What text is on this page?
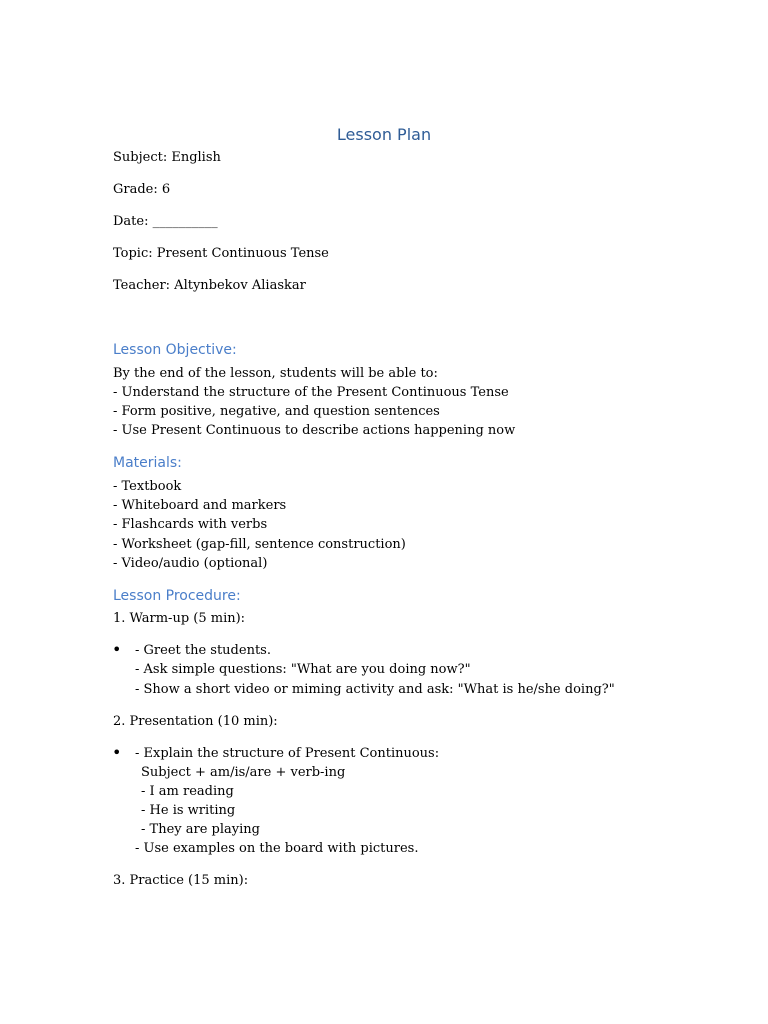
Lesson Plan
Subject: English
Grade: 6
Date: __________
Topic: Present Continuous Tense
Teacher: Altynbekov Aliaskar
Lesson Objective:
By the end of the lesson, students will be able to:
- Understand the structure of the Present Continuous Tense
- Form positive, negative, and question sentences
- Use Present Continuous to describe actions happening now
Materials:
- Textbook
- Whiteboard and markers
- Flashcards with verbs
- Worksheet (gap-fill, sentence construction)
- Video/audio (optional)
Lesson Procedure:
1. Warm-up (5 min):
• - Greet the students.
- Ask simple questions: "What are you doing now?"
- Show a short video or miming activity and ask: "What is he/she doing?"
2. Presentation (10 min):
• - Explain the structure of Present Continuous:
Subject + am/is/are + verb-ing
- I am reading
- He is writing
- They are playing
- Use examples on the board with pictures.
3. Practice (15 min):
